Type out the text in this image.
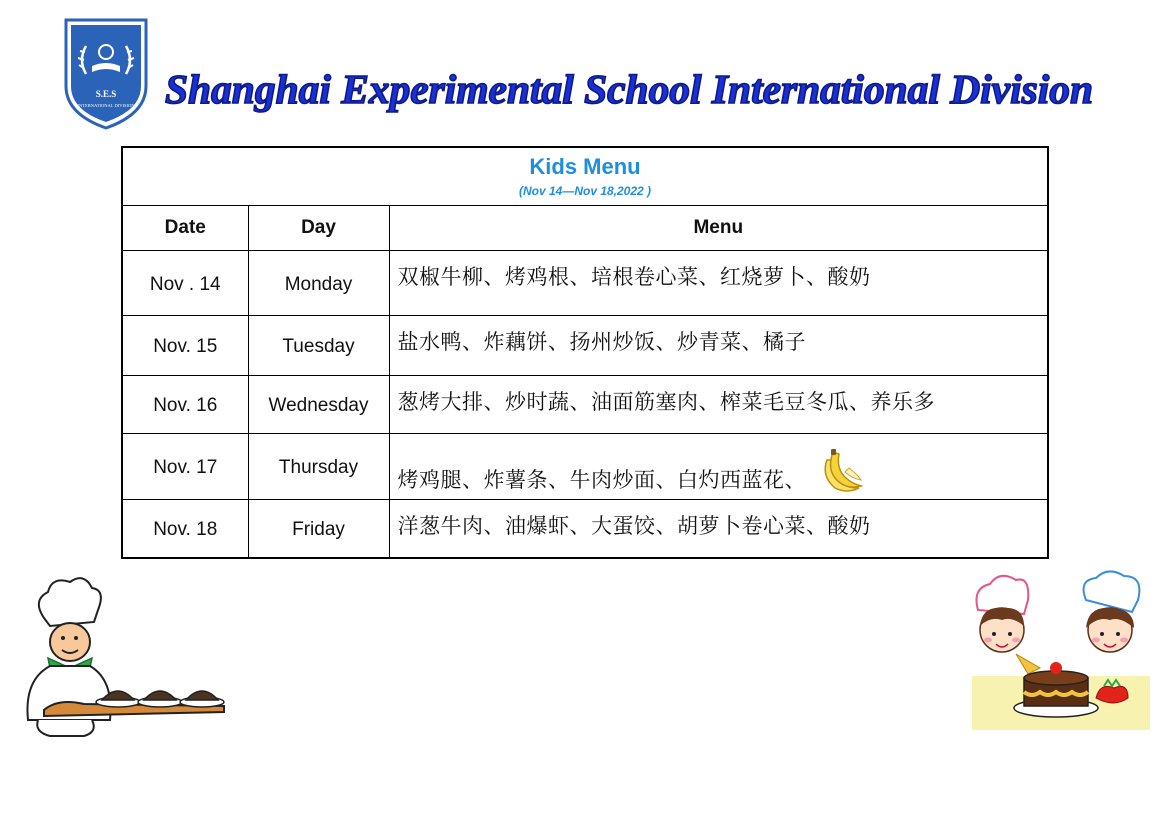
S.E.S
INTERNATIONAL DIVISION Shanghai Experimental School International Division
Kids Menu
(Nov 14—Nov 18,2022 )		

Date	Day	Menu
Nov . 14	Monday	双椒牛柳、烤鸡根、培根卷心菜、红烧萝卜、酸奶
Nov. 15	Tuesday	盐水鸭、炸藕饼、扬州炒饭、炒青菜、橘子
Nov. 16	Wednesday	葱烤大排、炒时蔬、油面筋塞肉、榨菜毛豆冬瓜、养乐多
Nov. 17	Thursday	烤鸡腿、炸薯条、牛肉炒面、白灼西蓝花、
Nov. 18	Friday	洋葱牛肉、油爆虾、大蛋饺、胡萝卜卷心菜、酸奶
